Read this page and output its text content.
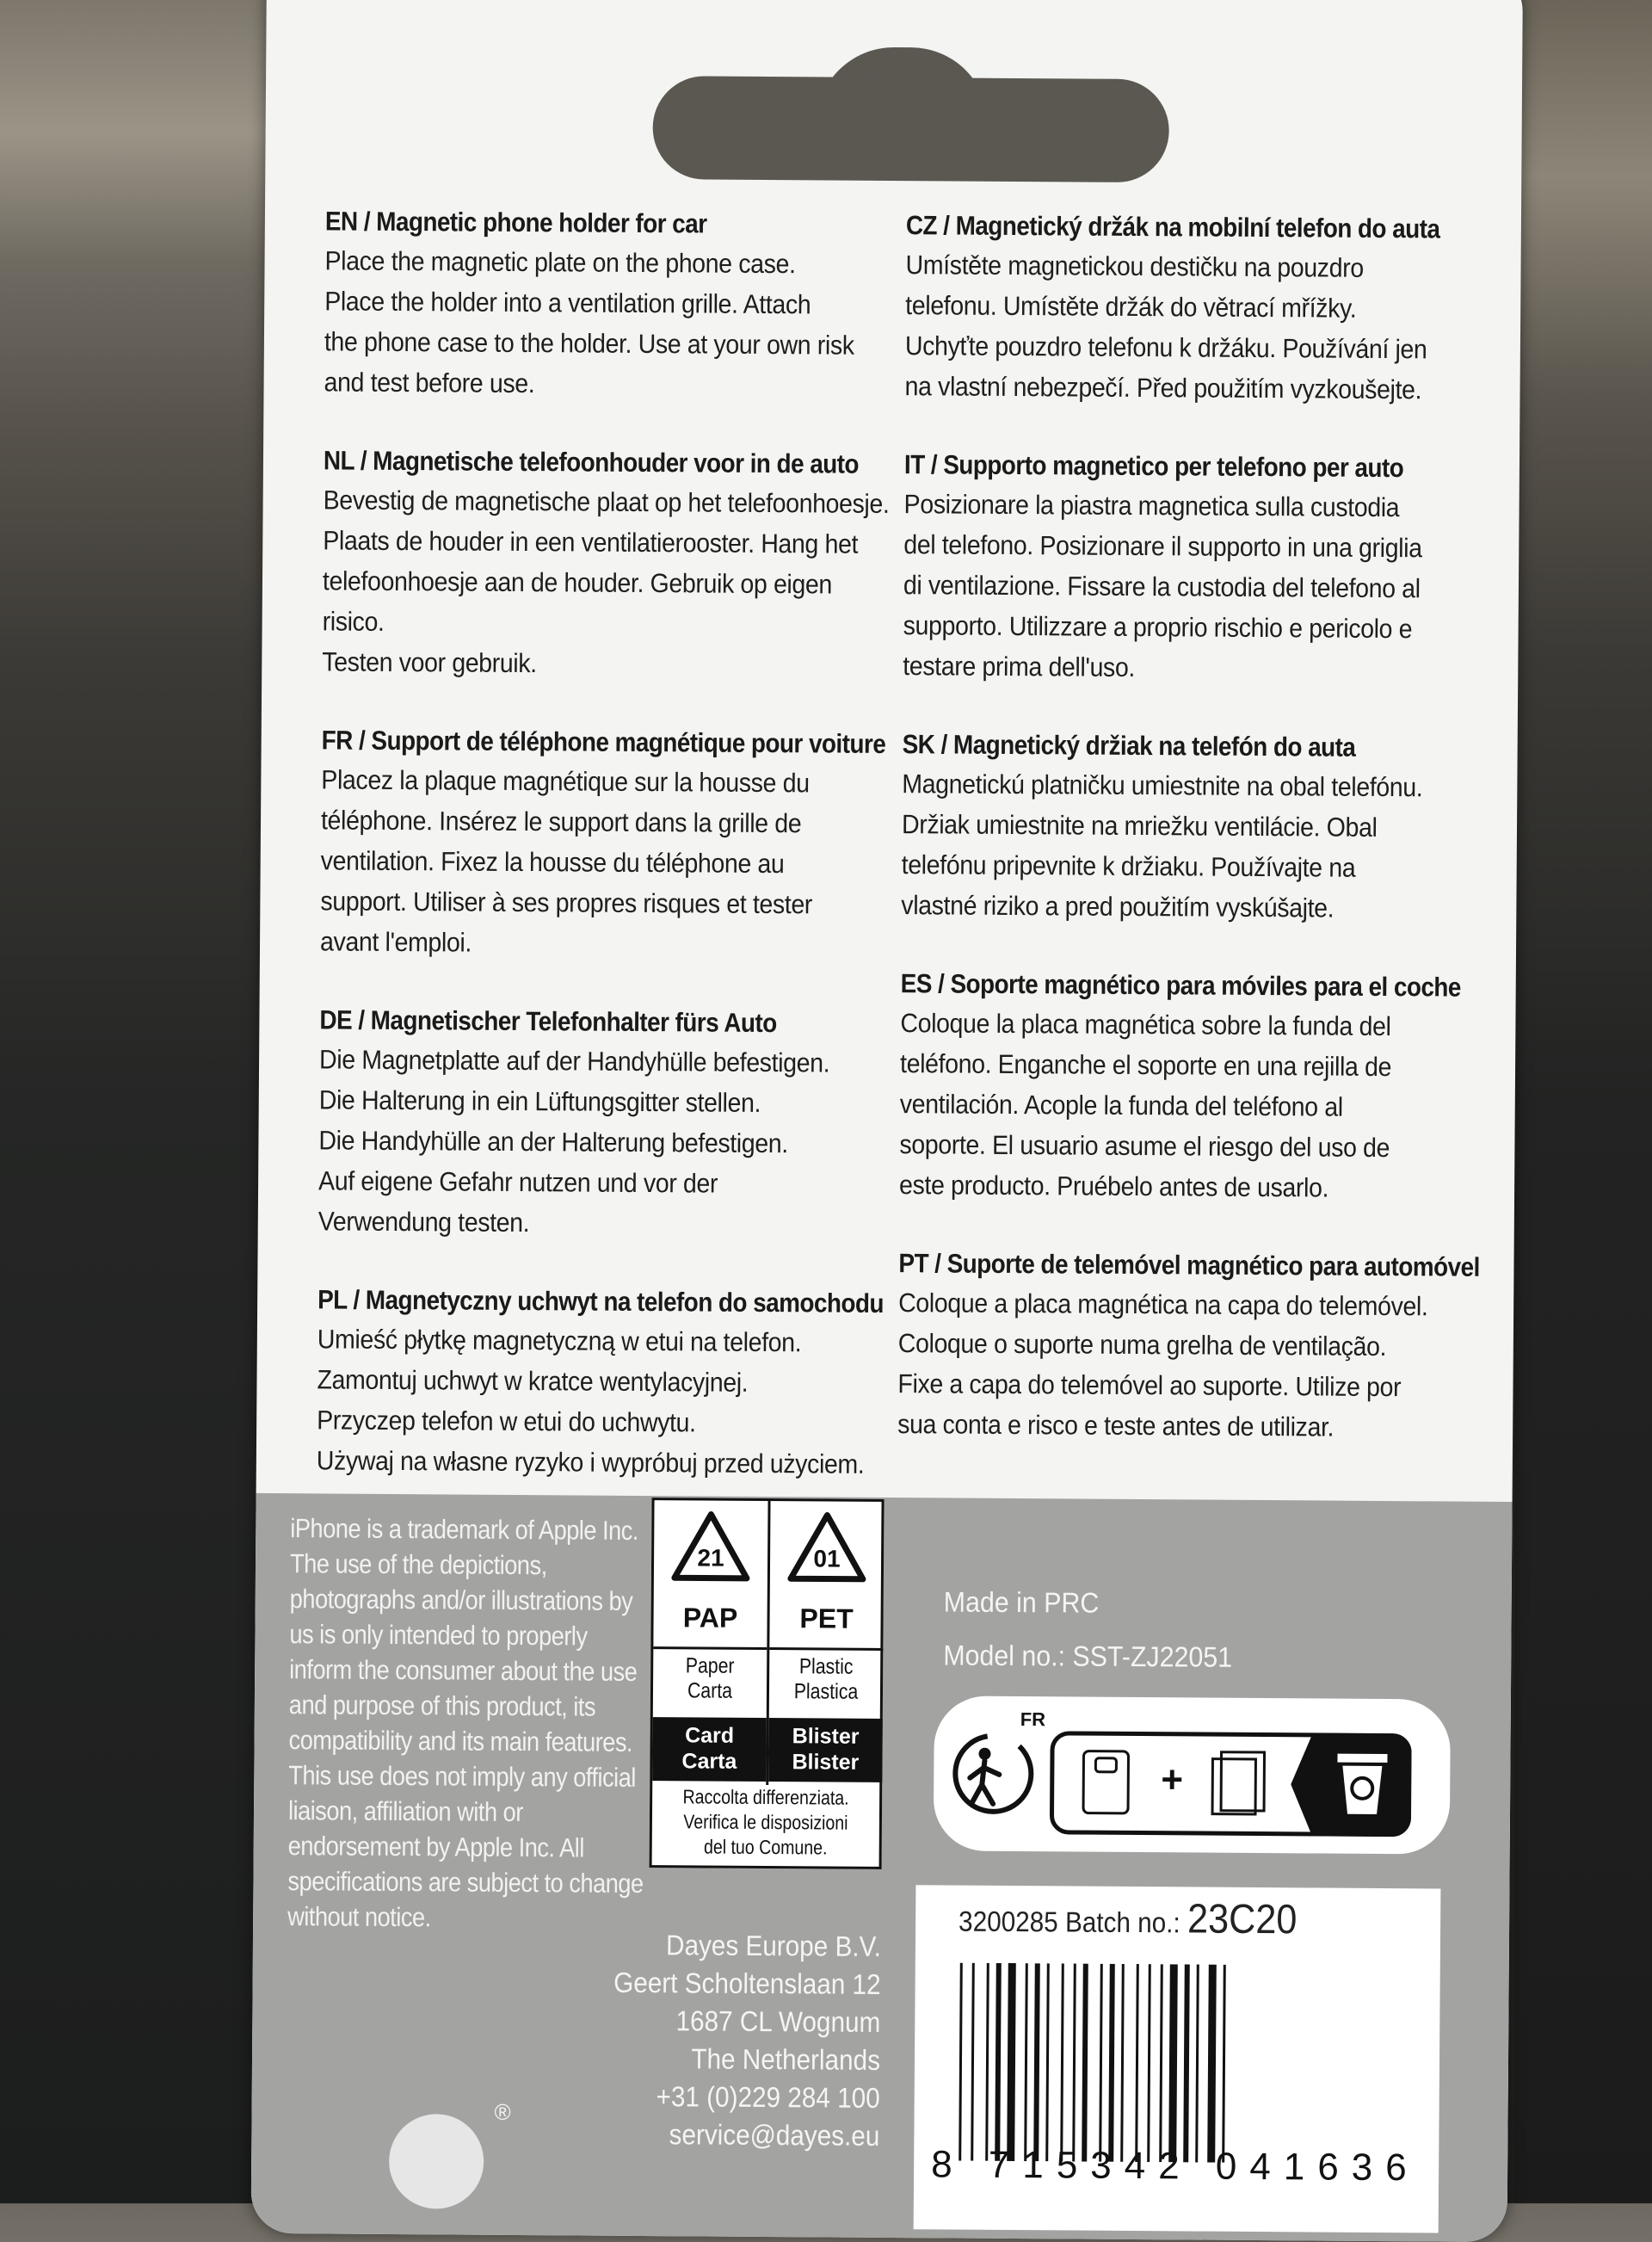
EN / Magnetic phone holder for car
Place the magnetic plate on the phone case.
Place the holder into a ventilation grille. Attach
the phone case to the holder. Use at your own risk
and test before use.
NL / Magnetische telefoonhouder voor in de auto
Bevestig de magnetische plaat op het telefoonhoesje.
Plaats de houder in een ventilatierooster. Hang het
telefoonhoesje aan de houder. Gebruik op eigen risico.
Testen voor gebruik.
FR / Support de téléphone magnétique pour voiture
Placez la plaque magnétique sur la housse du
téléphone. Insérez le support dans la grille de
ventilation. Fixez la housse du téléphone au
support. Utiliser à ses propres risques et tester
avant l'emploi.
DE / Magnetischer Telefonhalter fürs Auto
Die Magnetplatte auf der Handyhülle befestigen.
Die Halterung in ein Lüftungsgitter stellen.
Die Handyhülle an der Halterung befestigen.
Auf eigene Gefahr nutzen und vor der
Verwendung testen.
PL / Magnetyczny uchwyt na telefon do samochodu
Umieść płytkę magnetyczną w etui na telefon.
Zamontuj uchwyt w kratce wentylacyjnej.
Przyczep telefon w etui do uchwytu.
Używaj na własne ryzyko i wypróbuj przed użyciem.
CZ / Magnetický držák na mobilní telefon do auta
Umístěte magnetickou destičku na pouzdro
telefonu. Umístěte držák do větrací mřížky.
Uchyťte pouzdro telefonu k držáku. Používání jen
na vlastní nebezpečí. Před použitím vyzkoušejte.
IT / Supporto magnetico per telefono per auto
Posizionare la piastra magnetica sulla custodia
del telefono. Posizionare il supporto in una griglia
di ventilazione. Fissare la custodia del telefono al
supporto. Utilizzare a proprio rischio e pericolo e
testare prima dell'uso.
SK / Magnetický držiak na telefón do auta
Magnetickú platničku umiestnite na obal telefónu.
Držiak umiestnite na mriežku ventilácie. Obal
telefónu pripevnite k držiaku. Používajte na
vlastné riziko a pred použitím vyskúšajte.
ES / Soporte magnético para móviles para el coche
Coloque la placa magnética sobre la funda del
teléfono. Enganche el soporte en una rejilla de
ventilación. Acople la funda del teléfono al
soporte. El usuario asume el riesgo del uso de
este producto. Pruébelo antes de usarlo.
PT / Suporte de telemóvel magnético para automóvel
Coloque a placa magnética na capa do telemóvel.
Coloque o suporte numa grelha de ventilação.
Fixe a capa do telemóvel ao suporte. Utilize por
sua conta e risco e teste antes de utilizar.
iPhone is a trademark of Apple Inc. The use of the depictions, photographs and/or illustrations by us is only intended to properly inform the consumer about the use and purpose of this product, its compatibility and its main features. This use does not imply any official liaison, affiliation with or endorsement by Apple Inc. All specifications are subject to change without notice.
21
PAP
Paper
Carta
Card
Carta
01
PET
Plastic
Plastica
Blister
Blister
Raccolta differenziata.
Verifica le disposizioni
del tuo Comune.
Made in PRC
Model no.: SST-ZJ22051
FR
+
3200285 Batch no.: 23C20
8 715342 041636
Dayes Europe B.V.
Geert Scholtenslaan 12
1687 CL Wognum
The Netherlands
+31 (0)229 284 100
service@dayes.eu
®
